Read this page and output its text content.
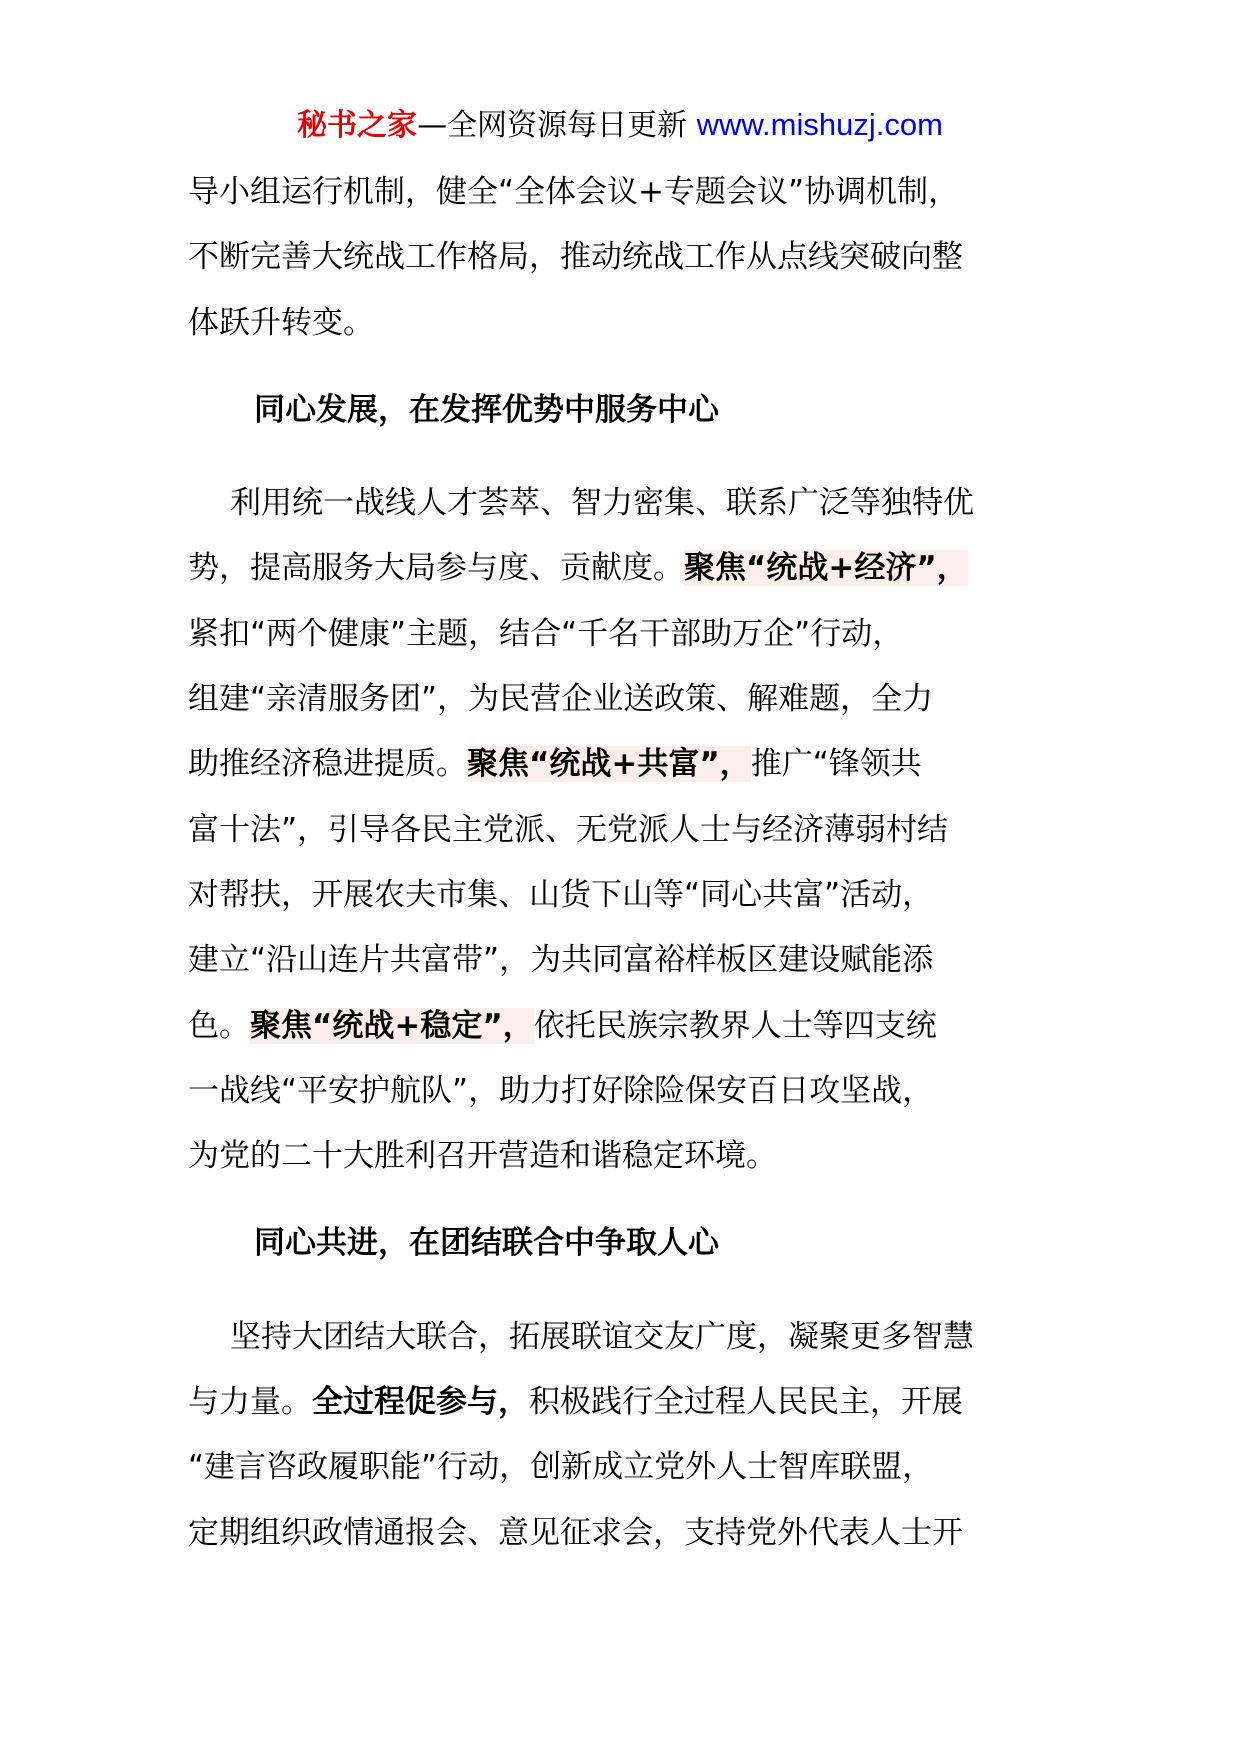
秘书之家—全网资源每日更新 www.mishuzj.com
导小组运行机制，健全“全体会议+专题会议”协调机制，
不断完善大统战工作格局，推动统战工作从点线突破向整
体跃升转变。
同心发展，在发挥优势中服务中心
利用统一战线人才荟萃、智力密集、联系广泛等独特优
势，提高服务大局参与度、贡献度。聚焦“统战+经济”，
紧扣“两个健康”主题，结合“千名干部助万企”行动，
组建“亲清服务团”，为民营企业送政策、解难题，全力
助推经济稳进提质。聚焦“统战+共富”，推广“锋领共
富十法”，引导各民主党派、无党派人士与经济薄弱村结
对帮扶，开展农夫市集、山货下山等“同心共富”活动，
建立“沿山连片共富带”，为共同富裕样板区建设赋能添
色。聚焦“统战+稳定”，依托民族宗教界人士等四支统
一战线“平安护航队”，助力打好除险保安百日攻坚战，
为党的二十大胜利召开营造和谐稳定环境。
同心共进，在团结联合中争取人心
坚持大团结大联合，拓展联谊交友广度，凝聚更多智慧
与力量。全过程促参与，积极践行全过程人民民主，开展
“建言咨政履职能”行动，创新成立党外人士智库联盟，
定期组织政情通报会、意见征求会，支持党外代表人士开
